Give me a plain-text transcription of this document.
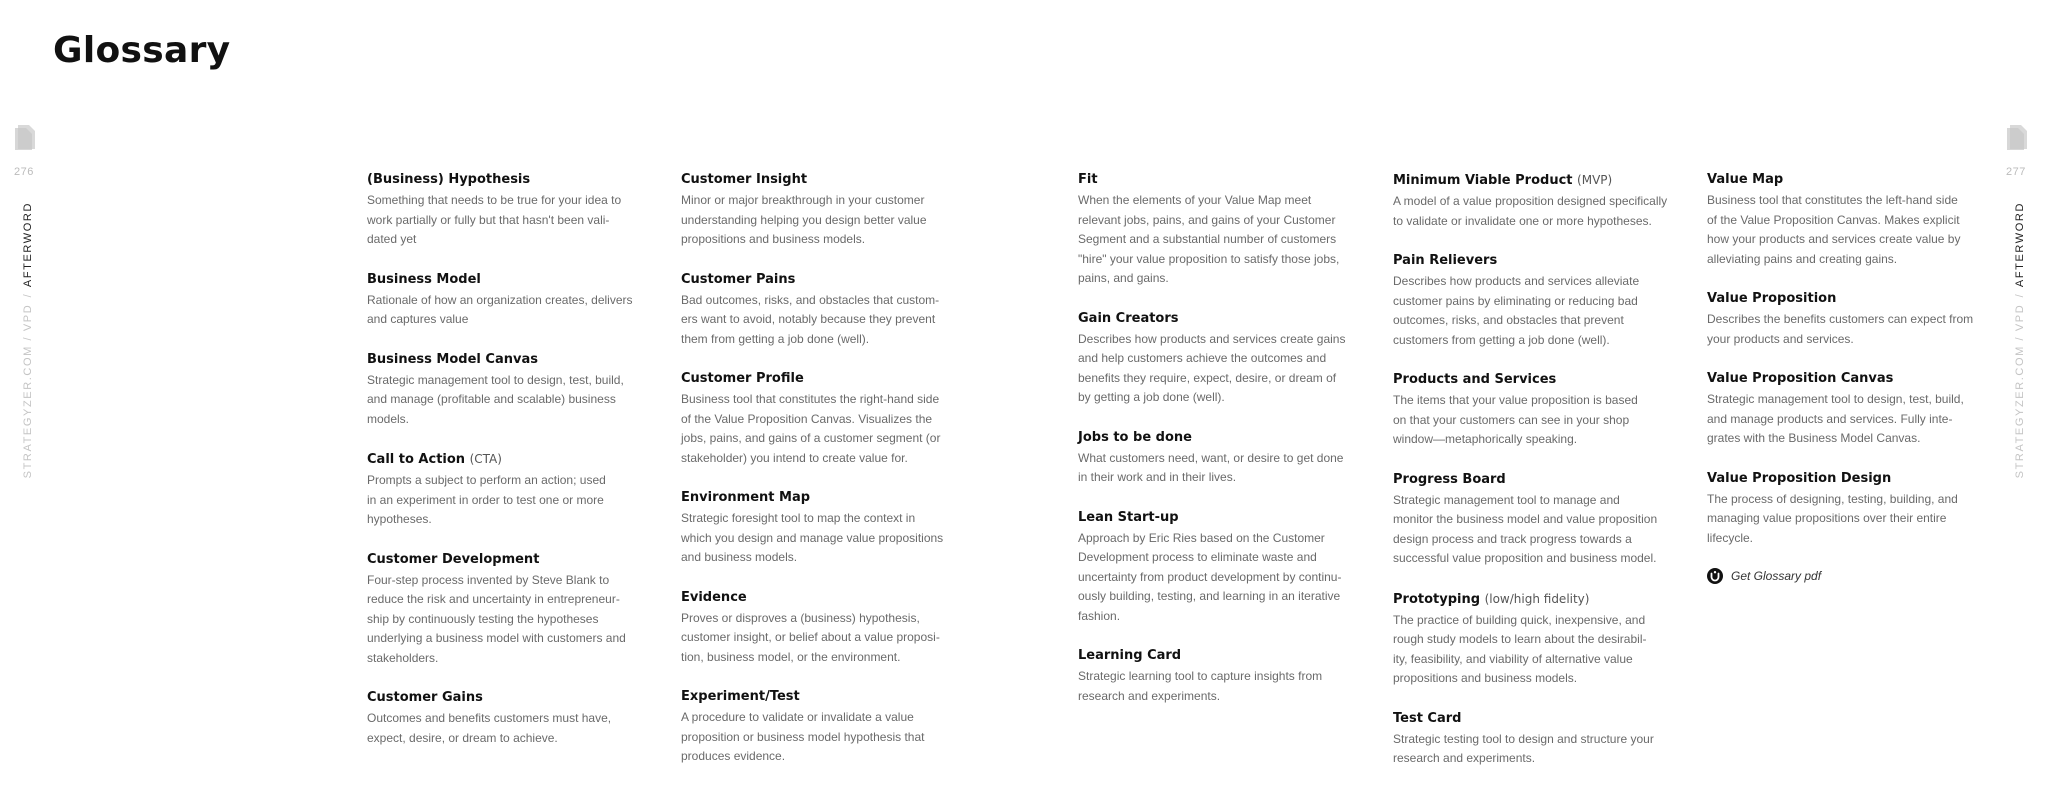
Glossary
276
STRATEGYZER.COM / VPD/AFTERWORD
277
STRATEGYZER.COM / VPD/AFTERWORD
(Business) Hypothesis
Something that needs to be true for your idea to
work partially or fully but that hasn't been vali-
dated yet
Business Model
Rationale of how an organization creates, delivers
and captures value
Business Model Canvas
Strategic management tool to design, test, build,
and manage (profitable and scalable) business
models.
Call to Action (CTA)
Prompts a subject to perform an action; used
in an experiment in order to test one or more
hypotheses.
Customer Development
Four-step process invented by Steve Blank to
reduce the risk and uncertainty in entrepreneur-
ship by continuously testing the hypotheses
underlying a business model with customers and
stakeholders.
Customer Gains
Outcomes and benefits customers must have,
expect, desire, or dream to achieve.
Customer Insight
Minor or major breakthrough in your customer
understanding helping you design better value
propositions and business models.
Customer Pains
Bad outcomes, risks, and obstacles that custom-
ers want to avoid, notably because they prevent
them from getting a job done (well).
Customer Profile
Business tool that constitutes the right-hand side
of the Value Proposition Canvas. Visualizes the
jobs, pains, and gains of a customer segment (or
stakeholder) you intend to create value for.
Environment Map
Strategic foresight tool to map the context in
which you design and manage value propositions
and business models.
Evidence
Proves or disproves a (business) hypothesis,
customer insight, or belief about a value proposi-
tion, business model, or the environment.
Experiment/Test
A procedure to validate or invalidate a value
proposition or business model hypothesis that
produces evidence.
Fit
When the elements of your Value Map meet
relevant jobs, pains, and gains of your Customer
Segment and a substantial number of customers
"hire" your value proposition to satisfy those jobs,
pains, and gains.
Gain Creators
Describes how products and services create gains
and help customers achieve the outcomes and
benefits they require, expect, desire, or dream of
by getting a job done (well).
Jobs to be done
What customers need, want, or desire to get done
in their work and in their lives.
Lean Start-up
Approach by Eric Ries based on the Customer
Development process to eliminate waste and
uncertainty from product development by continu-
ously building, testing, and learning in an iterative
fashion.
Learning Card
Strategic learning tool to capture insights from
research and experiments.
Minimum Viable Product (MVP)
A model of a value proposition designed specifically
to validate or invalidate one or more hypotheses.
Pain Relievers
Describes how products and services alleviate
customer pains by eliminating or reducing bad
outcomes, risks, and obstacles that prevent
customers from getting a job done (well).
Products and Services
The items that your value proposition is based
on that your customers can see in your shop
window—metaphorically speaking.
Progress Board
Strategic management tool to manage and
monitor the business model and value proposition
design process and track progress towards a
successful value proposition and business model.
Prototyping (low/high fidelity)
The practice of building quick, inexpensive, and
rough study models to learn about the desirabil-
ity, feasibility, and viability of alternative value
propositions and business models.
Test Card
Strategic testing tool to design and structure your
research and experiments.
Value Map
Business tool that constitutes the left-hand side
of the Value Proposition Canvas. Makes explicit
how your products and services create value by
alleviating pains and creating gains.
Value Proposition
Describes the benefits customers can expect from
your products and services.
Value Proposition Canvas
Strategic management tool to design, test, build,
and manage products and services. Fully inte-
grates with the Business Model Canvas.
Value Proposition Design
The process of designing, testing, building, and
managing value propositions over their entire
lifecycle.
Get Glossary pdf
